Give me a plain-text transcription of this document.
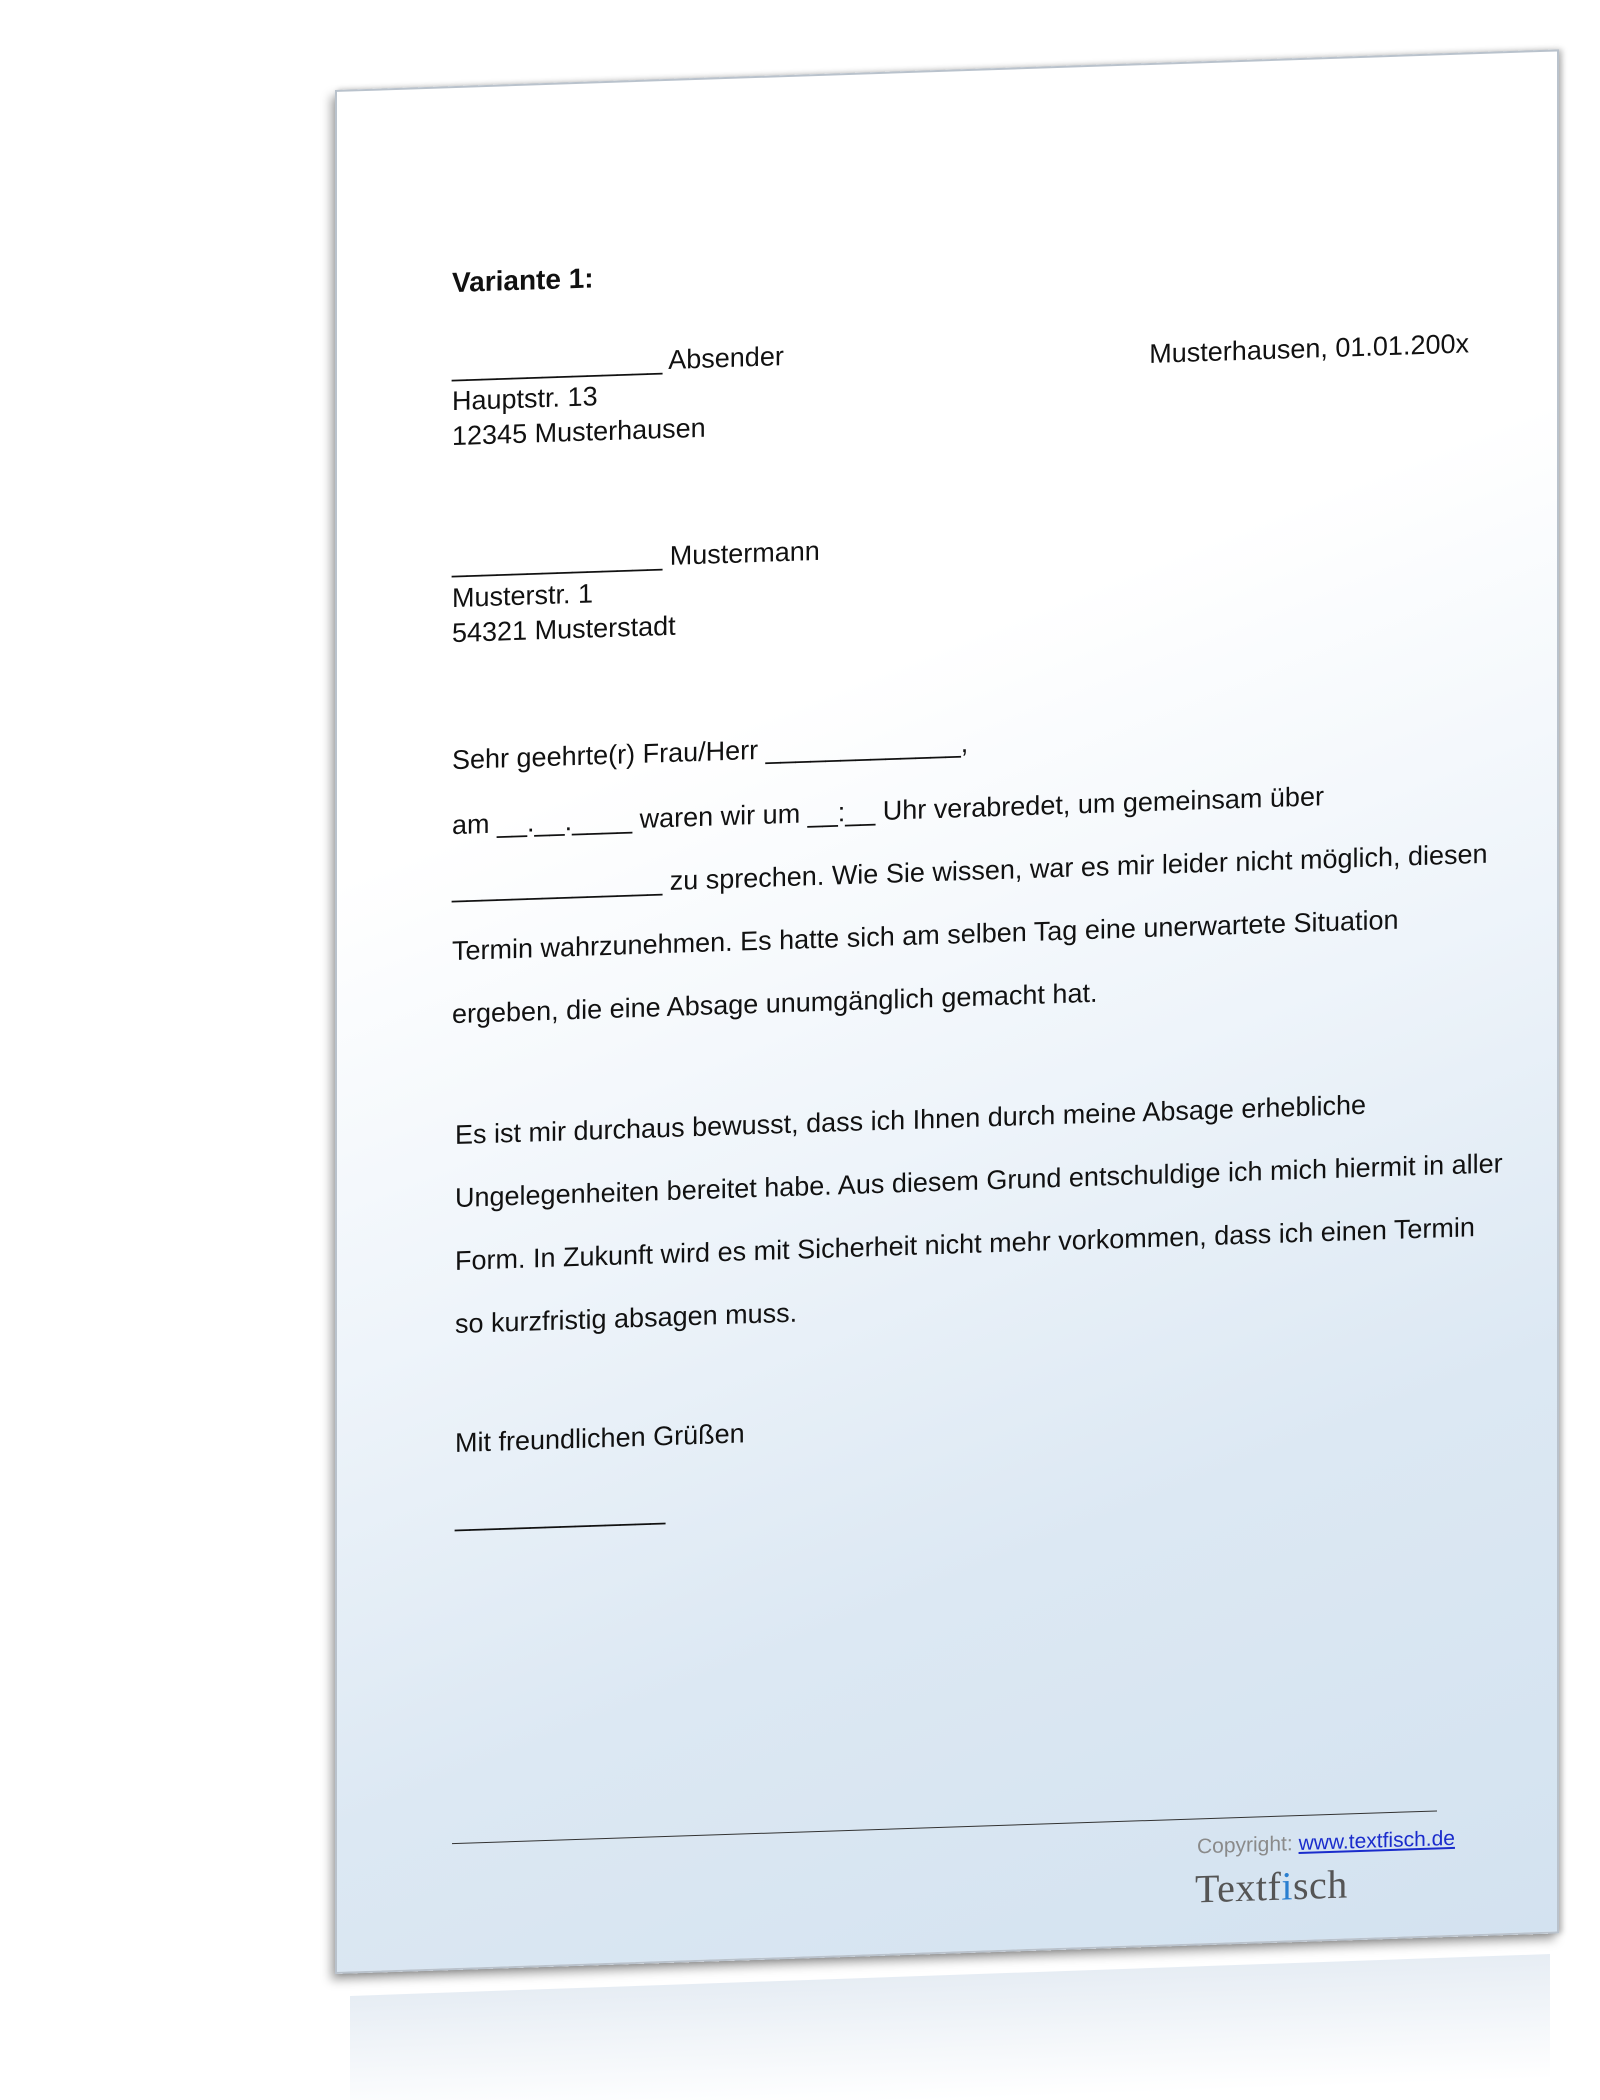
Variante 1:
______________ Absender
Hauptstr. 13
12345 Musterhausen
Musterhausen, 01.01.200x
______________ Mustermann
Musterstr. 1
54321 Musterstadt
Sehr geehrte(r) Frau/Herr _____________,
am __.__.____ waren wir um __:__ Uhr verabredet, um gemeinsam über
______________ zu sprechen. Wie Sie wissen, war es mir leider nicht möglich, diesen
Termin wahrzunehmen. Es hatte sich am selben Tag eine unerwartete Situation
ergeben, die eine Absage unumgänglich gemacht hat.
Es ist mir durchaus bewusst, dass ich Ihnen durch meine Absage erhebliche
Ungelegenheiten bereitet habe. Aus diesem Grund entschuldige ich mich hiermit in aller
Form. In Zukunft wird es mit Sicherheit nicht mehr vorkommen, dass ich einen Termin
so kurzfristig absagen muss.
Mit freundlichen Grüßen
______________
Copyright: www.textfisch.de
Textfisch
